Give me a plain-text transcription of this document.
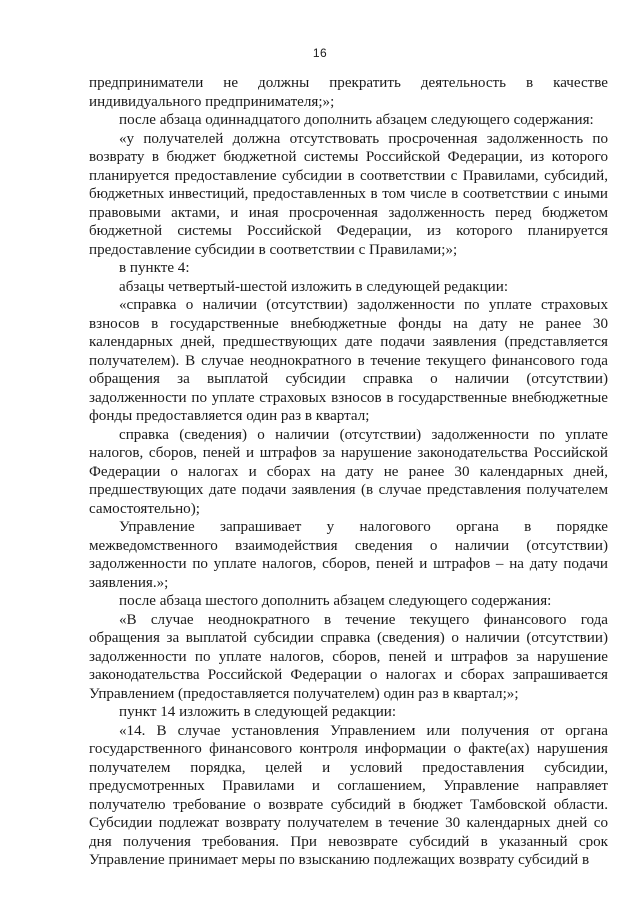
16

предприниматели не должны прекратить деятельность в качестве индивидуального предпринимателя;»;

после абзаца одиннадцатого дополнить абзацем следующего содержания:

«у получателей должна отсутствовать просроченная задолженность по возврату в бюджет бюджетной системы Российской Федерации, из которого планируется предоставление субсидии в соответствии с Правилами, субсидий, бюджетных инвестиций, предоставленных в том числе в соответствии с иными правовыми актами, и иная просроченная задолженность перед бюджетом бюджетной системы Российской Федерации, из которого планируется предоставление субсидии в соответствии с Правилами;»;

в пункте 4:

абзацы четвертый-шестой изложить в следующей редакции:

«справка о наличии (отсутствии) задолженности по уплате страховых взносов в государственные внебюджетные фонды на дату не ранее 30 календарных дней, предшествующих дате подачи заявления (представляется получателем). В случае неоднократного в течение текущего финансового года обращения за выплатой субсидии справка о наличии (отсутствии) задолженности по уплате страховых взносов в государственные внебюджетные фонды предоставляется один раз в квартал;

справка (сведения) о наличии (отсутствии) задолженности по уплате налогов, сборов, пеней и штрафов за нарушение законодательства Российской Федерации о налогах и сборах на дату не ранее 30 календарных дней, предшествующих дате подачи заявления (в случае представления получателем самостоятельно);

Управление запрашивает у налогового органа в порядке межведомственного взаимодействия сведения о наличии (отсутствии) задолженности по уплате налогов, сборов, пеней и штрафов – на дату подачи заявления.»;

после абзаца шестого дополнить абзацем следующего содержания:

«В случае неоднократного в течение текущего финансового года обращения за выплатой субсидии справка (сведения) о наличии (отсутствии) задолженности по уплате налогов, сборов, пеней и штрафов за нарушение законодательства Российской Федерации о налогах и сборах запрашивается Управлением (предоставляется получателем) один раз в квартал;»;

пункт 14 изложить в следующей редакции:

«14. В случае установления Управлением или получения от органа государственного финансового контроля информации о факте(ах) нарушения получателем порядка, целей и условий предоставления субсидии, предусмотренных Правилами и соглашением, Управление направляет получателю требование о возврате субсидий в бюджет Тамбовской области. Субсидии подлежат возврату получателем в течение 30 календарных дней со дня получения требования. При невозврате субсидий в указанный срок Управление принимает меры по взысканию подлежащих возврату субсидий в
